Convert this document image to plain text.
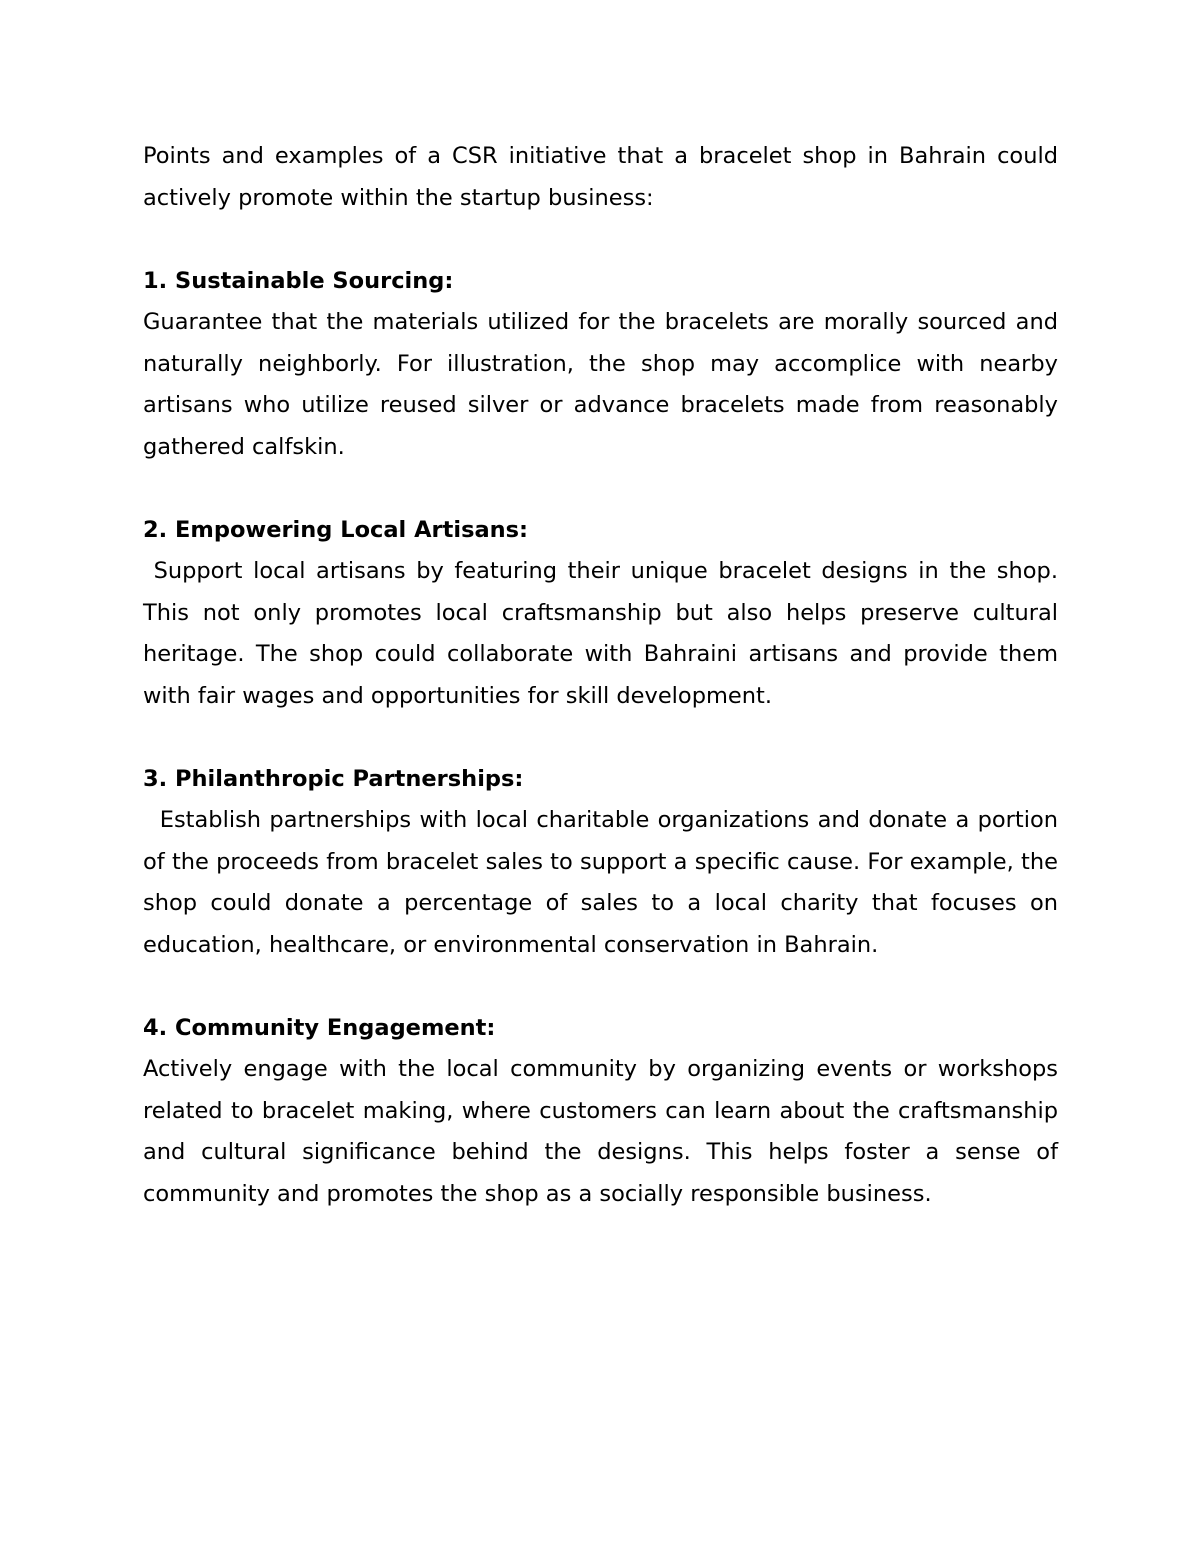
Points and examples of a CSR initiative that a bracelet shop in Bahrain could actively promote within the startup business:

1. Sustainable Sourcing:

Guarantee that the materials utilized for the bracelets are morally sourced and naturally neighborly. For illustration, the shop may accomplice with nearby artisans who utilize reused silver or advance bracelets made from reasonably gathered calfskin.

2. Empowering Local Artisans:

Support local artisans by featuring their unique bracelet designs in the shop. This not only promotes local craftsmanship but also helps preserve cultural heritage. The shop could collaborate with Bahraini artisans and provide them with fair wages and opportunities for skill development.

3. Philanthropic Partnerships:

Establish partnerships with local charitable organizations and donate a portion of the proceeds from bracelet sales to support a specific cause. For example, the shop could donate a percentage of sales to a local charity that focuses on education, healthcare, or environmental conservation in Bahrain.

4. Community Engagement:

Actively engage with the local community by organizing events or workshops related to bracelet making, where customers can learn about the craftsmanship and cultural significance behind the designs. This helps foster a sense of community and promotes the shop as a socially responsible business.
